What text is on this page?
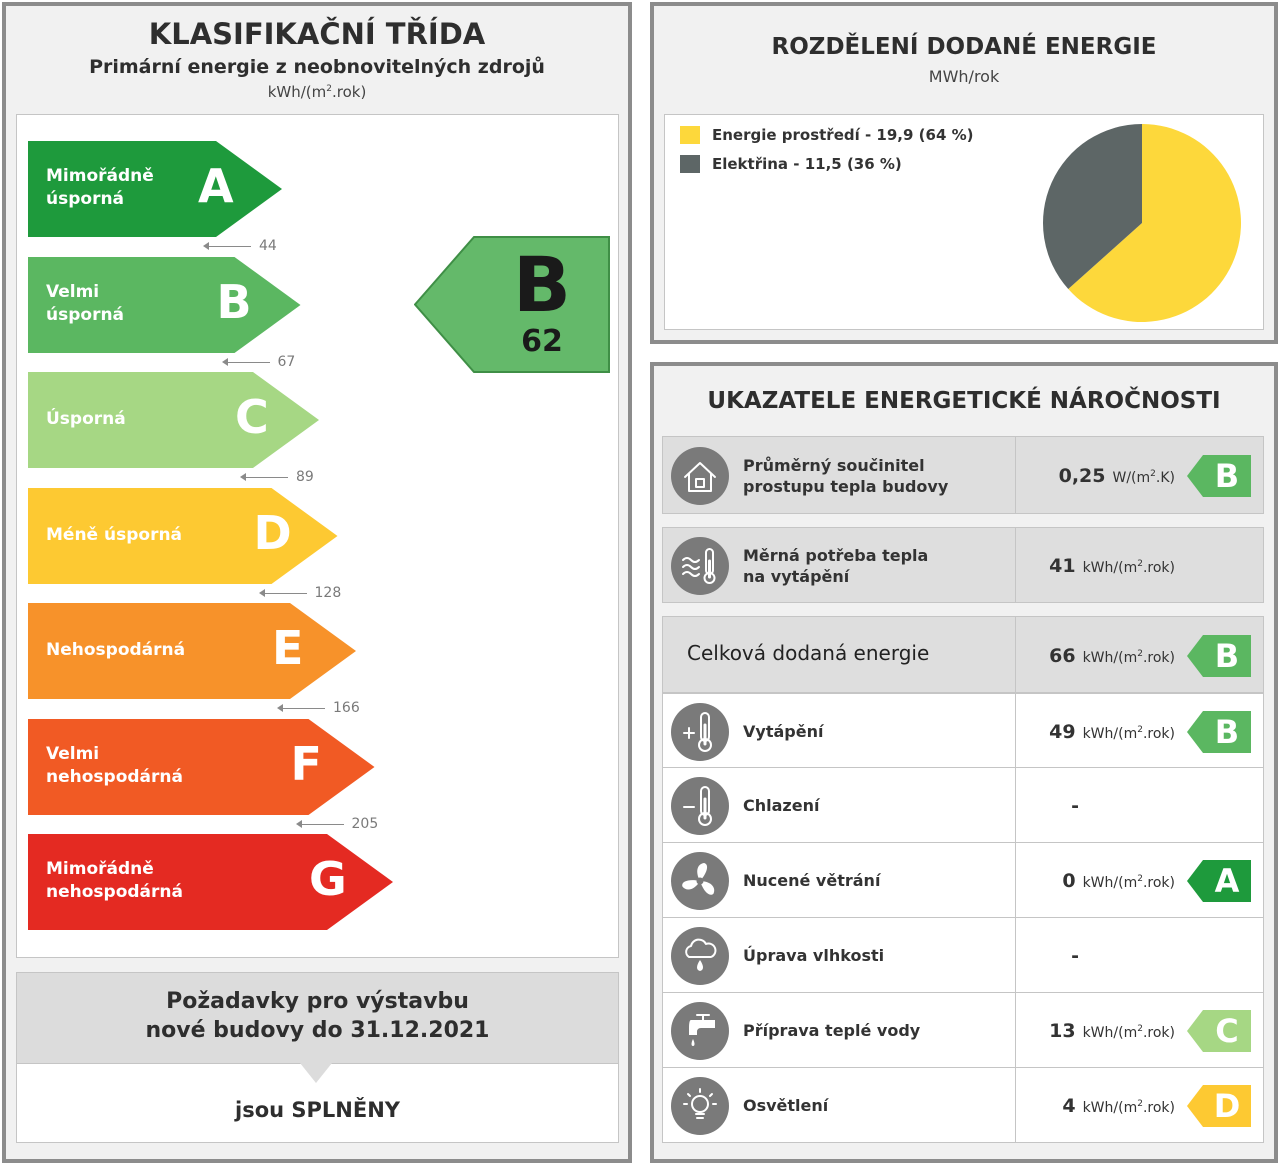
KLASIFIKAČNÍ TŘÍDA
Primární energie z neobnovitelných zdrojů
kWh/$(m^2.rok)$
Mimořádně
úsporná	A
Velmi
úsporná B
Úsporná C
Méně úsporná D
Nehospodárná E
Velmi
nehospodárná F
Mimořádně
nehospodárná	G
44
67
89
128
166
205
B
62
Požadavky pro výstavbu
nové budovy do 31.12.2021
jsou SPLNĚNY
ROZDĚLENÍ DODANÉ ENERGIE
MWh/rok
Energie prostředí - 19,9 (64 %)
Elektřina - 11,5 (36 %)
UKAZATELE ENERGETICKÉ NÁROČNOSTI
Průměrný součinitel
prostupu tepla budovy	0,25  $W/(m^2.K)$	B
Měrná potřeba tepla
na vytápění	41  kWh/$(m^2.rok)$
Celková dodaná energie	66  kWh/$(m^2.rok)$	B
Vytápění	49  kWh/$(m^2.rok)$	B
Chlazení	-
Nucené větrání	0  kWh/$(m^2.rok)$	A
Úprava vlhkosti	-
Příprava teplé vody	13  kWh/$(m^2.rok)$	C
Osvětlení	4  kWh/$(m^2.rok)$ D
